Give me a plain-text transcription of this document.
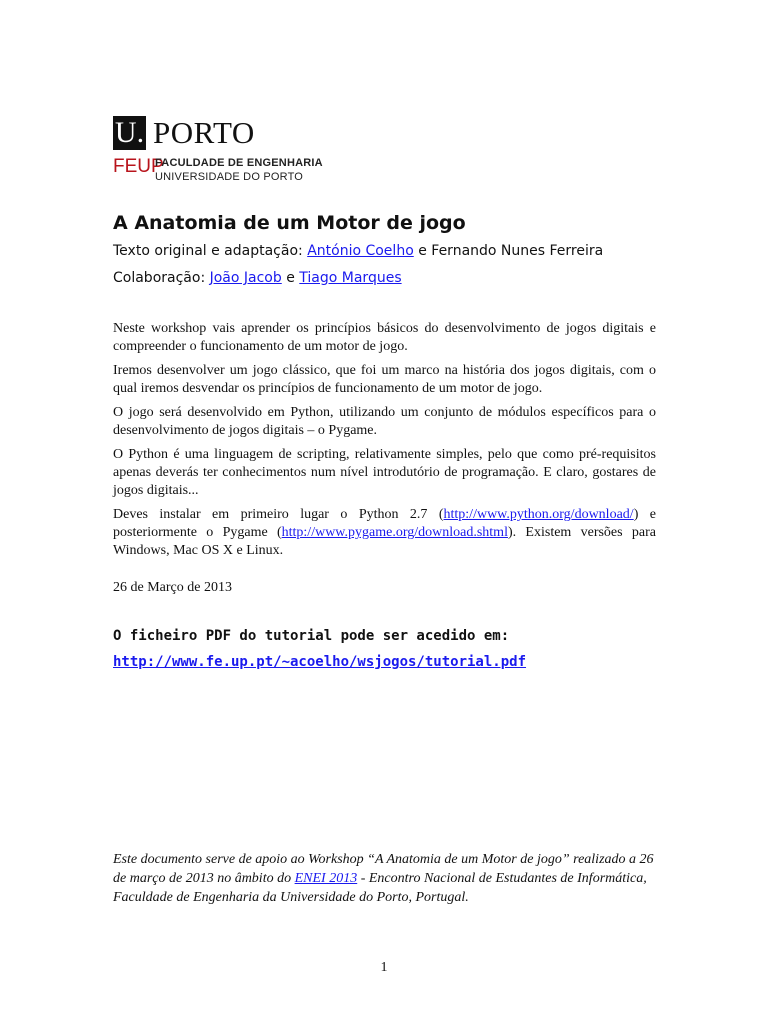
U. PORTO
FEUP
FACULDADE DE ENGENHARIA
UNIVERSIDADE DO PORTO
A Anatomia de um Motor de jogo

Texto original e adaptação: António Coelho e Fernando Nunes Ferreira

Colaboração: João Jacob e Tiago Marques

Neste workshop vais aprender os princípios básicos do desenvolvimento de jogos digitais e compreender o funcionamento de um motor de jogo.

Iremos desenvolver um jogo clássico, que foi um marco na história dos jogos digitais, com o qual iremos desvendar os princípios de funcionamento de um motor de jogo.

O jogo será desenvolvido em Python, utilizando um conjunto de módulos específicos para o desenvolvimento de jogos digitais – o Pygame.

O Python é uma linguagem de scripting, relativamente simples, pelo que como pré-requisitos apenas deverás ter conhecimentos num nível introdutório de programação. E claro, gostares de jogos digitais...

Deves instalar em primeiro lugar o Python 2.7 (http://www.python.org/download/) e posteriormente o Pygame (http://www.pygame.org/download.shtml). Existem versões para Windows, Mac OS X e Linux.

26 de Março de 2013

O ficheiro PDF do tutorial pode ser acedido em:

http://www.fe.up.pt/~acoelho/wsjogos/tutorial.pdf

Este documento serve de apoio ao Workshop “A Anatomia de um Motor de jogo” realizado a 26 de março de 2013 no âmbito do ENEI 2013 - Encontro Nacional de Estudantes de Informática, Faculdade de Engenharia da Universidade do Porto, Portugal.

1
